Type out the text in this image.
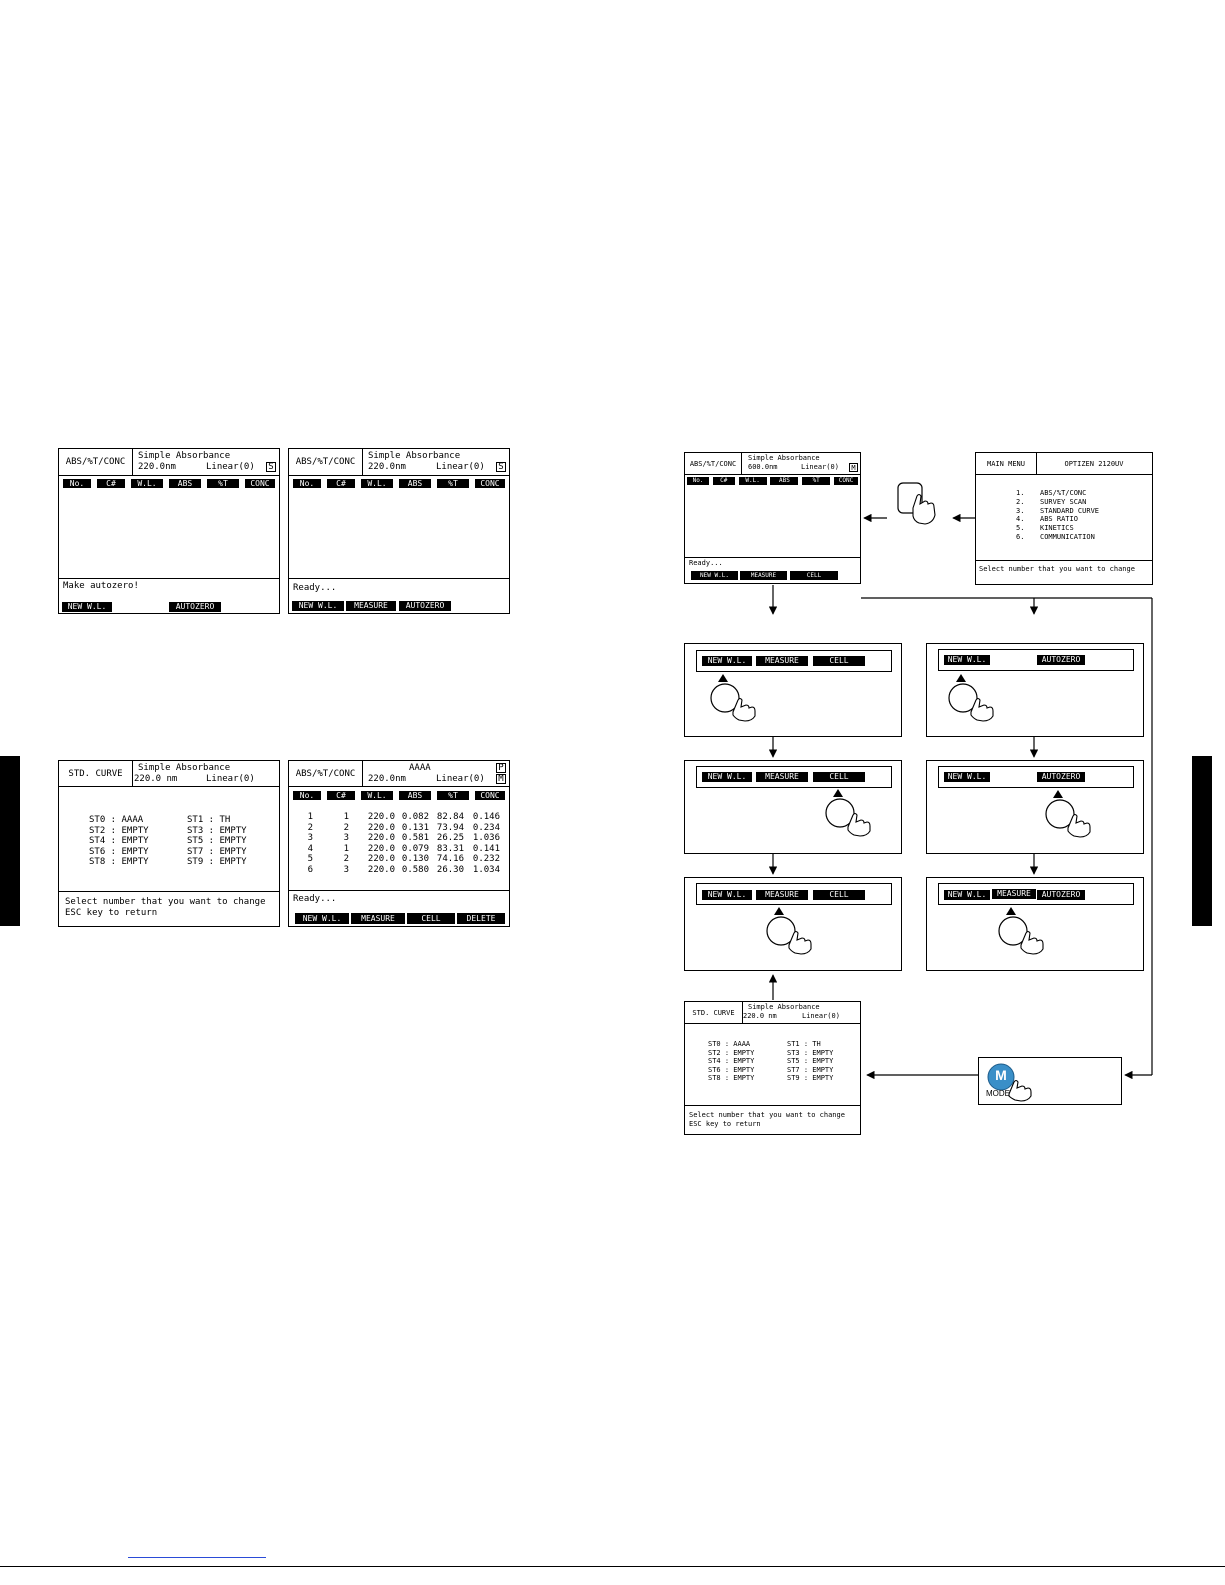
ABS/%T/CONC
Simple Absorbance
220.0nm	Linear(0) S
No.	C#	W.L.	ABS	%T	CONC
Make autozero!
NEW W.L.	AUTOZERO
ABS/%T/CONC
Simple Absorbance
220.0nm	Linear(0) S
No.	C#	W.L.	ABS	%T	CONC
Ready...
NEW W.L.	MEASURE	AUTOZERO
STD. CURVE
Simple Absorbance
220.0 nm	Linear(0)
ST0 : AAAA	ST1 : TH
ST2 : EMPTY	ST3 : EMPTY
ST4 : EMPTY	ST5 : EMPTY
ST6 : EMPTY	ST7 : EMPTY
ST8 : EMPTY	ST9 : EMPTY
Select number that you want to change
ESC key to return
ABS/%T/CONC
AAAA
220.0nm	Linear(0)
P
M
No.	C#	W.L.	ABS	%T	CONC
1	1	220.0	0.082	82.84	0.146
2	2	220.0	0.131	73.94	0.234
3	3	220.0	0.581	26.25	1.036
4	1	220.0	0.079	83.31	0.141
5	2	220.0	0.130	74.16	0.232
6	3	220.0	0.580	26.30	1.034
Ready...
NEW W.L.	MEASURE	CELL	DELETE
ABS/%T/CONC
Simple Absorbance
600.0nm	Linear(0)	M
No.	C#	W.L.	ABS	%T	CONC
Ready...
NEW W.L.	MEASURE	CELL
MAIN MENU	OPTIZEN 2120UV
1. ABS/%T/CONC
2. SURVEY SCAN
3. STANDARD CURVE
4. ABS RATIO
5. KINETICS
6. COMMUNICATION
Select number that you want to change
NEW W.L.	MEASURE	CELL
NEW W.L.	MEASURE	CELL
NEW W.L.	MEASURE	CELL
NEW W.L.	AUTOZERO
NEW W.L.	AUTOZERO
NEW W.L.	MEASURE	AUTOZERO
STD. CURVE
Simple Absorbance
220.0 nm	Linear(0)
ST0 : AAAA	ST1 : TH
ST2 : EMPTY	ST3 : EMPTY
ST4 : EMPTY	ST5 : EMPTY
ST6 : EMPTY	ST7 : EMPTY
ST8 : EMPTY	ST9 : EMPTY
Select number that you want to change
ESC key to return
M
MODE
